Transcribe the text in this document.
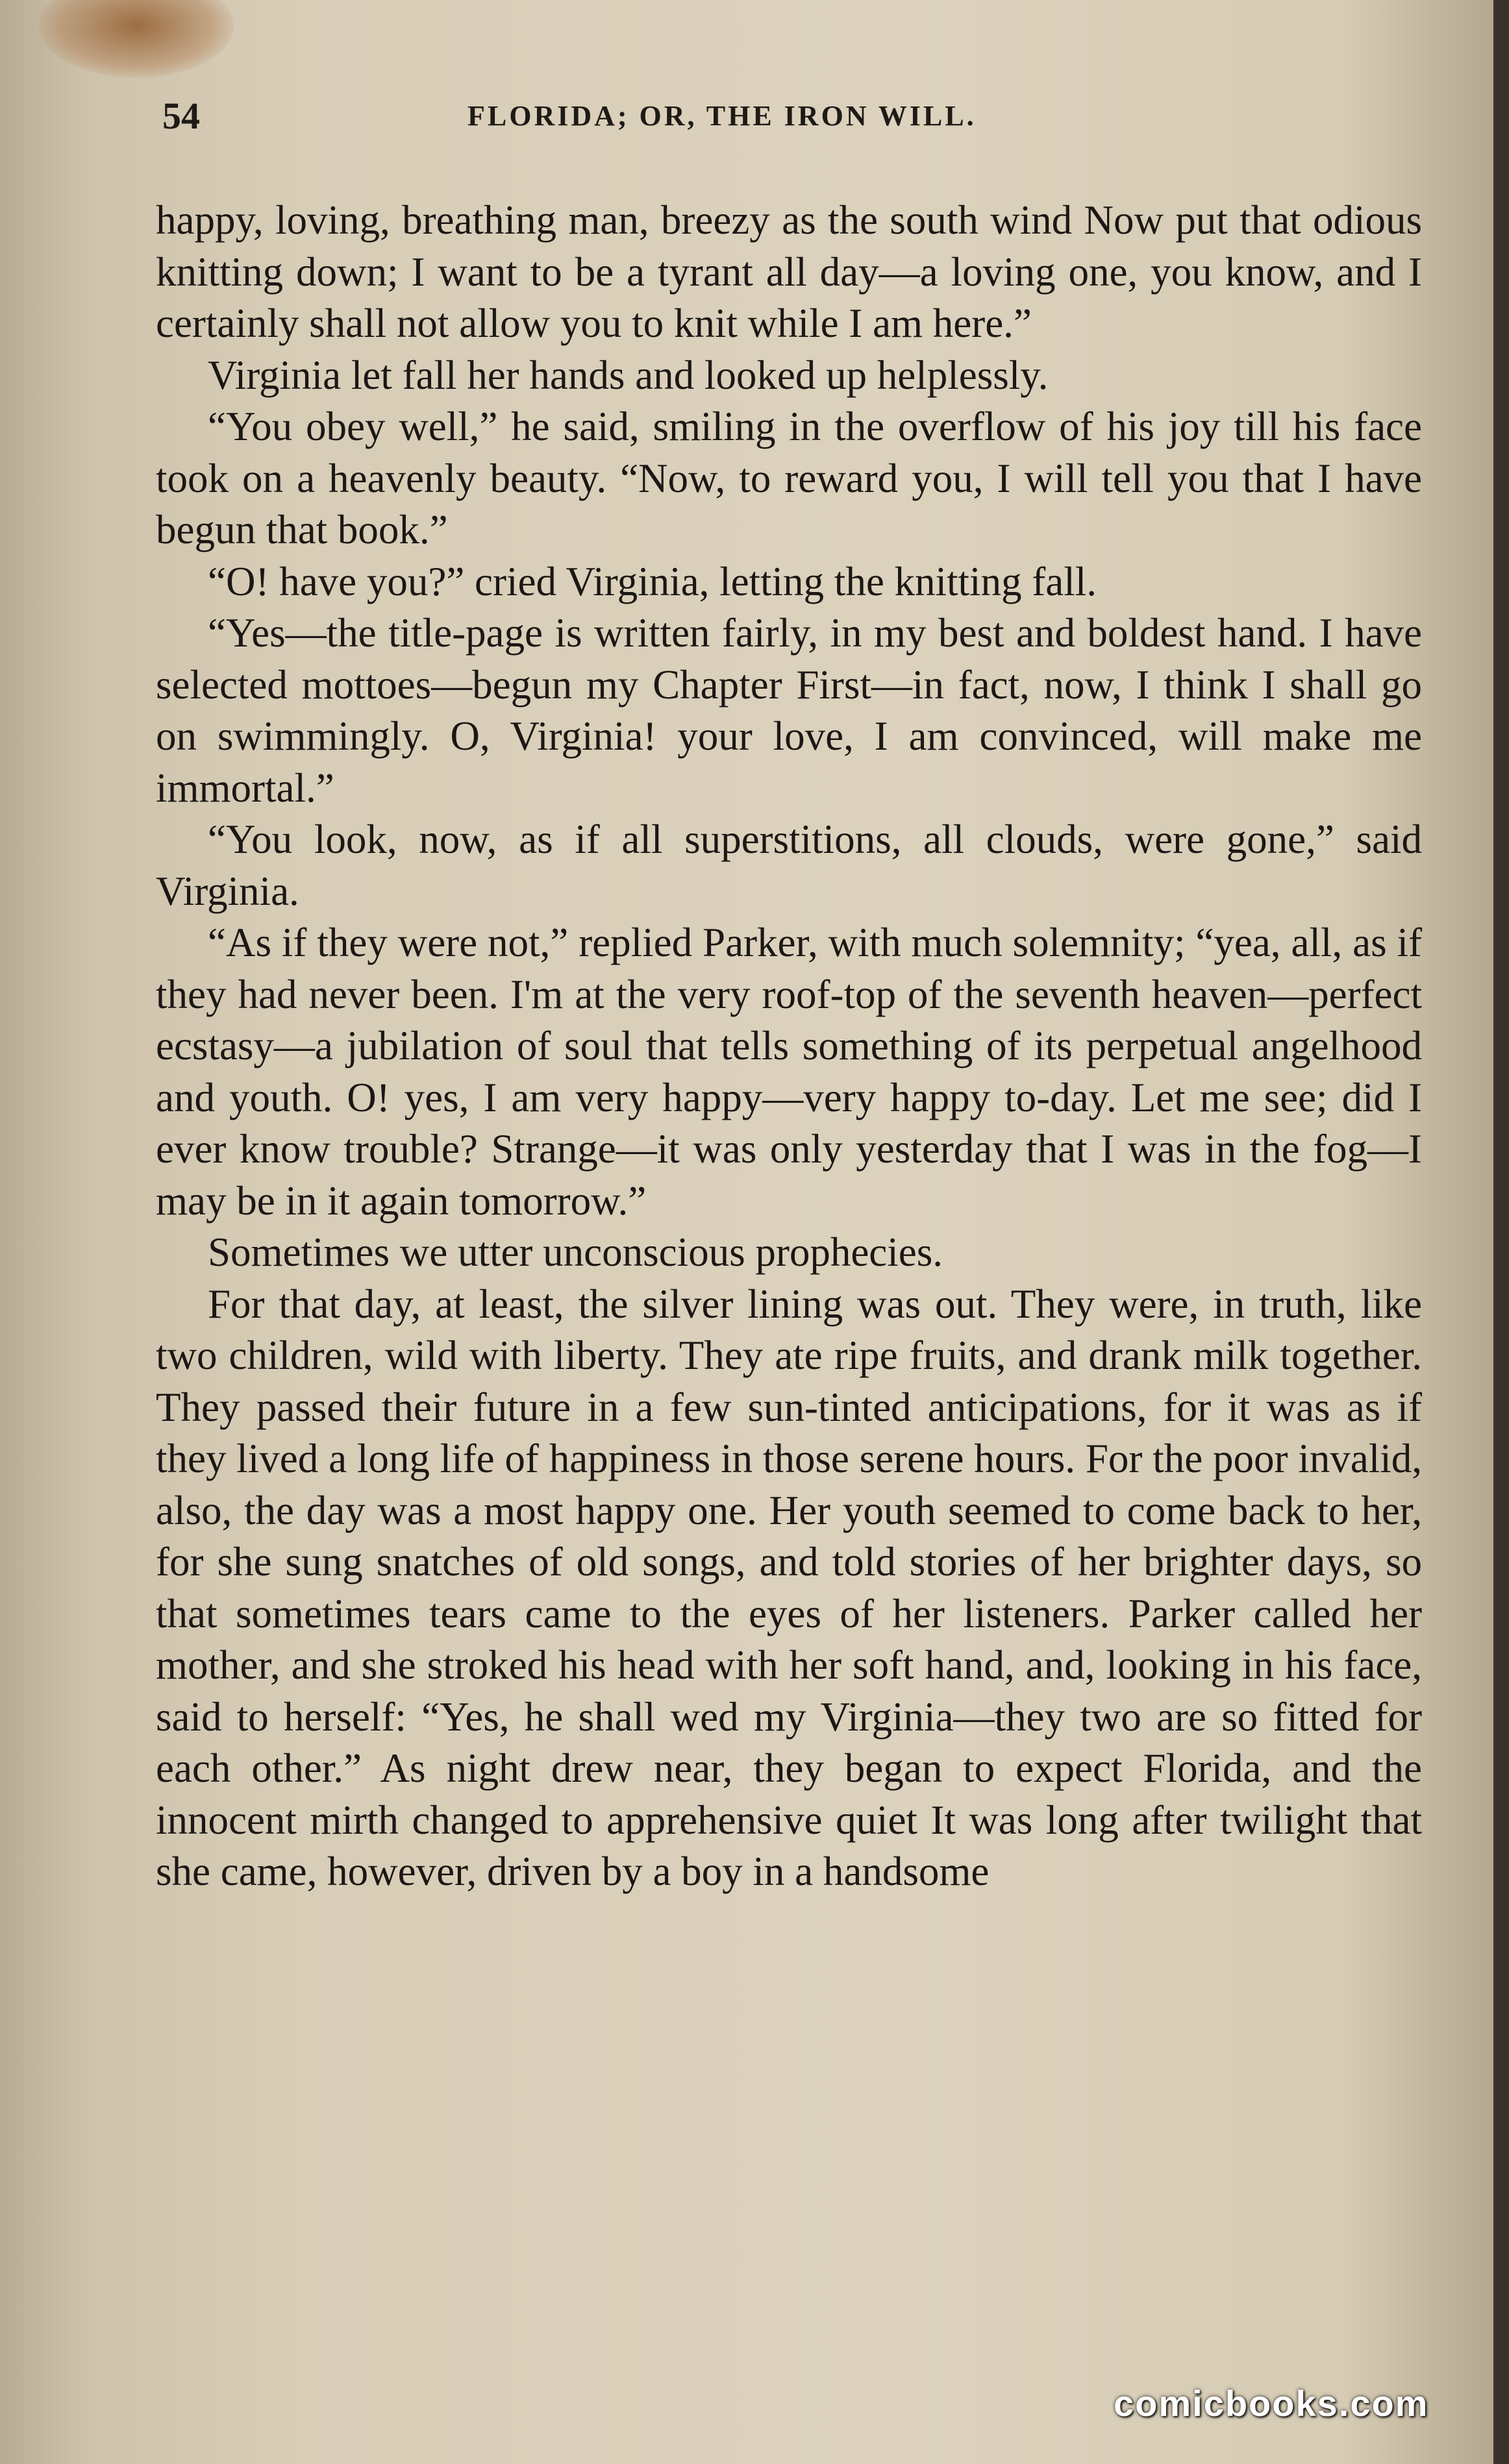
54	FLORIDA; OR, THE IRON WILL.

happy, loving, breathing man, breezy as the south wind Now put that odious knitting down; I want to be a tyrant all day—a loving one, you know, and I certainly shall not allow you to knit while I am here.”

Virginia let fall her hands and looked up helplessly.

“You obey well,” he said, smiling in the overflow of his joy till his face took on a heavenly beauty. “Now, to reward you, I will tell you that I have begun that book.”

“O! have you?” cried Virginia, letting the knitting fall.

“Yes—the title-page is written fairly, in my best and boldest hand. I have selected mottoes—begun my Chapter First—in fact, now, I think I shall go on swimmingly. O, Virginia! your love, I am convinced, will make me immortal.”

“You look, now, as if all superstitions, all clouds, were gone,” said Virginia.

“As if they were not,” replied Parker, with much solemnity; “yea, all, as if they had never been. I'm at the very roof-top of the seventh heaven—perfect ecstasy—a jubilation of soul that tells something of its perpetual angelhood and youth. O! yes, I am very happy—very happy to-day. Let me see; did I ever know trouble? Strange—it was only yesterday that I was in the fog—I may be in it again tomorrow.”

Sometimes we utter unconscious prophecies.

For that day, at least, the silver lining was out. They were, in truth, like two children, wild with liberty. They ate ripe fruits, and drank milk together. They passed their future in a few sun-tinted anticipations, for it was as if they lived a long life of happiness in those serene hours. For the poor invalid, also, the day was a most happy one. Her youth seemed to come back to her, for she sung snatches of old songs, and told stories of her brighter days, so that sometimes tears came to the eyes of her listeners. Parker called her mother, and she stroked his head with her soft hand, and, looking in his face, said to herself: “Yes, he shall wed my Virginia—they two are so fitted for each other.” As night drew near, they began to expect Florida, and the innocent mirth changed to apprehensive quiet It was long after twilight that she came, however, driven by a boy in a handsome

comicbooks.com
